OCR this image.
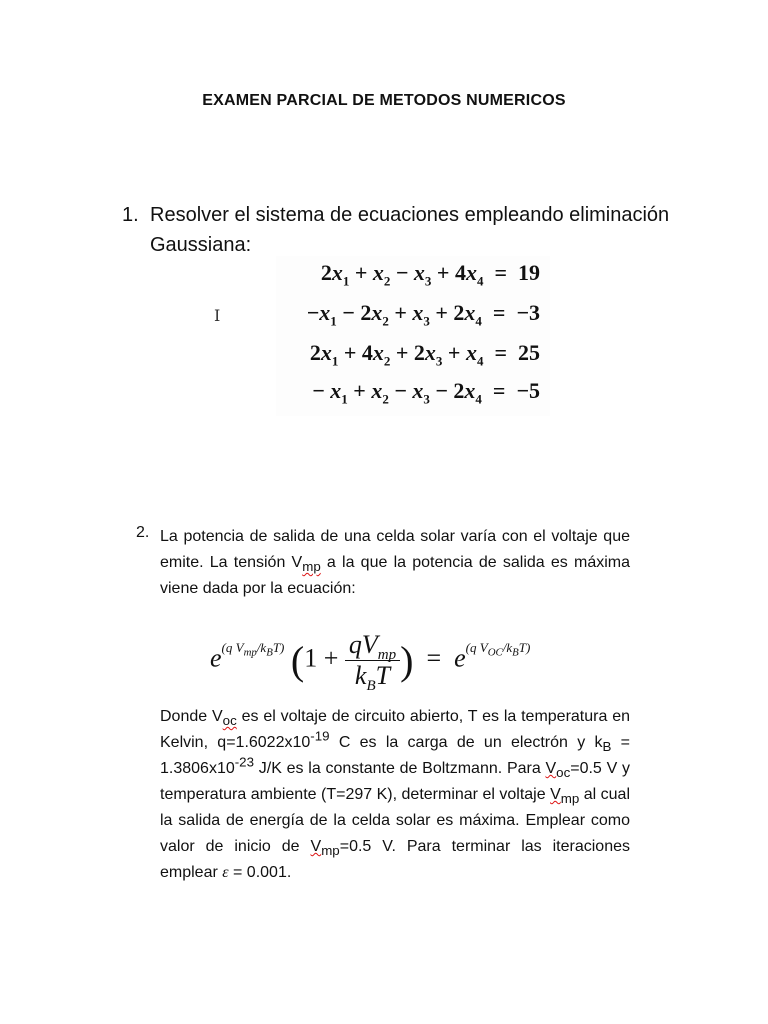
EXAMEN PARCIAL DE METODOS NUMERICOS
1. Resolver el sistema de ecuaciones empleando eliminación
Gaussiana:
I
$2x_1 + x_2 - x_3 + 4x_4 = 19$
$-x_1 - 2x_2 + x_3 + 2x_4 = -3$
$2x_1 + 4x_2 + 2x_3 + x_4 = 25$
− $x_1 + x_2 - x_3 - 2x_4 = -5$
2. La potencia de salida de una celda solar varía con el voltaje que emite. La tensión $V_{mp}$ a la que la potencia de salida es máxima viene dada por la ecuación:
$e^{(q V_{mp}/k_BT)}$ ($1 + \frac{qV_{mp}}{k_BT}$ )  =  $e^{(q V_{OC}/k_BT)}$
Donde $V_{oc}$ es el voltaje de circuito abierto, T es la temperatura en Kelvin, $q=1.6022x10^{-19}$ C es la carga de un electrón y $k_B = 1.3806x10^{-23}$ J/K es la constante de Boltzmann. Para $V_{oc}=0.5$ V y temperatura ambiente (T=297 K), determinar el voltaje $V_{mp}$ al cual la salida de energía de la celda solar es máxima. Emplear como valor de inicio de $V_{mp}=0.5$ V. Para terminar las iteraciones emplear ε = 0.001.
